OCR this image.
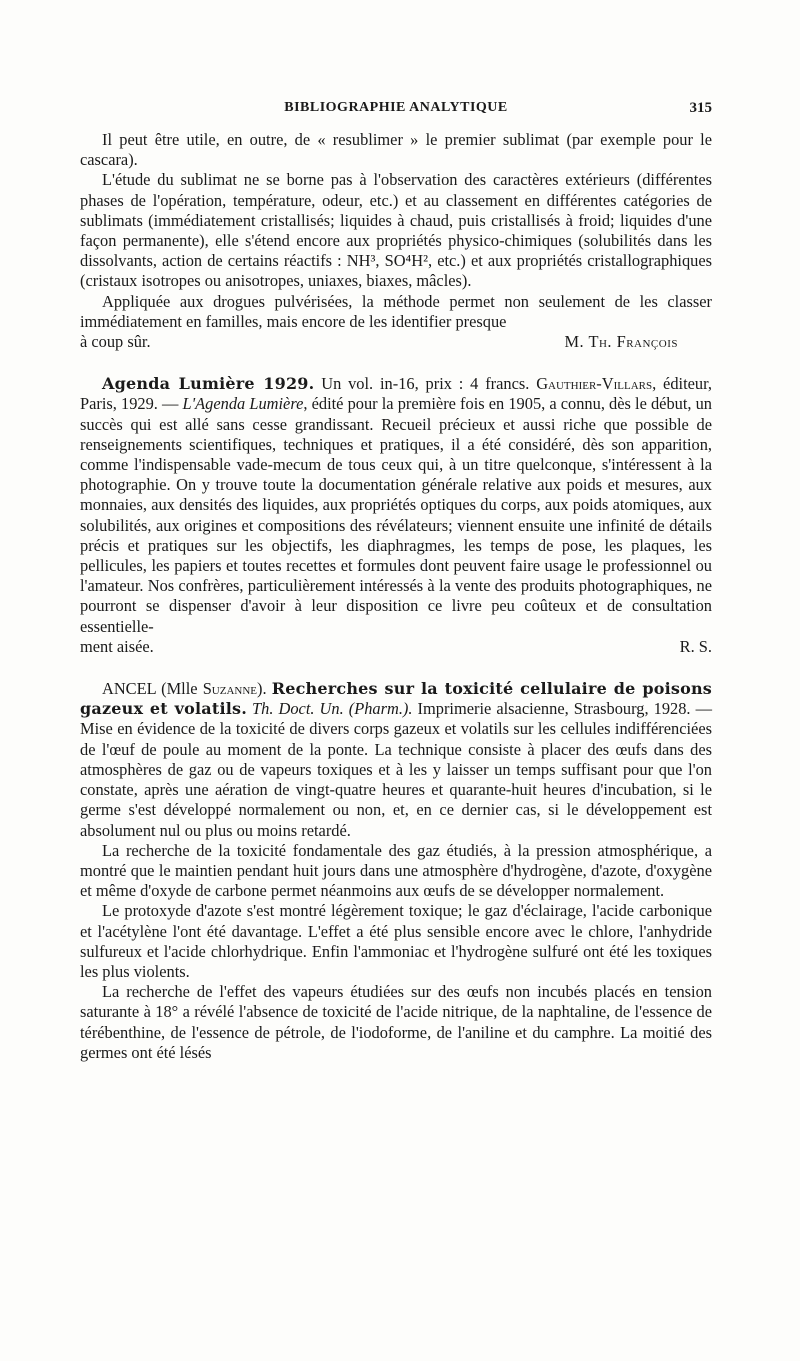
BIBLIOGRAPHIE ANALYTIQUE	315

Il peut être utile, en outre, de « resublimer » le premier sublimat (par exemple pour le cascara).

L'étude du sublimat ne se borne pas à l'observation des caractères extérieurs (différentes phases de l'opération, température, odeur, etc.) et au classement en différentes catégories de sublimats (immédiatement cristallisés; liquides à chaud, puis cristallisés à froid; liquides d'une façon permanente), elle s'étend encore aux propriétés physico-chimiques (solubilités dans les dissolvants, action de certains réactifs : NH³, SO⁴H², etc.) et aux propriétés cristallographiques (cristaux isotropes ou anisotropes, uniaxes, biaxes, mâcles).

Appliquée aux drogues pulvérisées, la méthode permet non seulement de les classer immédiatement en familles, mais encore de les identifier presque

à coup sûr.	M. Th. François

Agenda Lumière 1929. Un vol. in-16, prix : 4 francs. Gauthier-Villars, éditeur, Paris, 1929. — L'Agenda Lumière, édité pour la première fois en 1905, a connu, dès le début, un succès qui est allé sans cesse grandissant. Recueil précieux et aussi riche que possible de renseignements scientifiques, techniques et pratiques, il a été considéré, dès son apparition, comme l'indispensable vade-mecum de tous ceux qui, à un titre quelconque, s'intéressent à la photographie. On y trouve toute la documentation générale relative aux poids et mesures, aux monnaies, aux densités des liquides, aux propriétés optiques du corps, aux poids atomiques, aux solubilités, aux origines et compositions des révélateurs; viennent ensuite une infinité de détails précis et pratiques sur les objectifs, les diaphragmes, les temps de pose, les plaques, les pellicules, les papiers et toutes recettes et formules dont peuvent faire usage le professionnel ou l'amateur. Nos confrères, particulièrement intéressés à la vente des produits photographiques, ne pourront se dispenser d'avoir à leur disposition ce livre peu coûteux et de consultation essentielle-

ment aisée.	R. S.

ANCEL (Mlle Suzanne). Recherches sur la toxicité cellulaire de poisons gazeux et volatils. Th. Doct. Un. (Pharm.). Imprimerie alsacienne, Strasbourg, 1928. — Mise en évidence de la toxicité de divers corps gazeux et volatils sur les cellules indifférenciées de l'œuf de poule au moment de la ponte. La technique consiste à placer des œufs dans des atmosphères de gaz ou de vapeurs toxiques et à les y laisser un temps suffisant pour que l'on constate, après une aération de vingt-quatre heures et quarante-huit heures d'incubation, si le germe s'est développé normalement ou non, et, en ce dernier cas, si le développement est absolument nul ou plus ou moins retardé.

La recherche de la toxicité fondamentale des gaz étudiés, à la pression atmosphérique, a montré que le maintien pendant huit jours dans une atmosphère d'hydrogène, d'azote, d'oxygène et même d'oxyde de carbone permet néanmoins aux œufs de se développer normalement.

Le protoxyde d'azote s'est montré légèrement toxique; le gaz d'éclairage, l'acide carbonique et l'acétylène l'ont été davantage. L'effet a été plus sensible encore avec le chlore, l'anhydride sulfureux et l'acide chlorhydrique. Enfin l'ammoniac et l'hydrogène sulfuré ont été les toxiques les plus violents.

La recherche de l'effet des vapeurs étudiées sur des œufs non incubés placés en tension saturante à 18° a révélé l'absence de toxicité de l'acide nitrique, de la naphtaline, de l'essence de térébenthine, de l'essence de pétrole, de l'iodoforme, de l'aniline et du camphre. La moitié des germes ont été lésés
